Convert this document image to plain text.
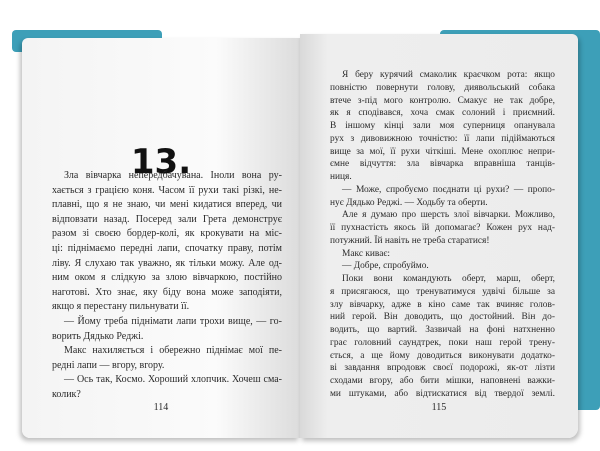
13.
Зла вівчарка непередбачувана. Іноли вона ру-
хається з грацією коня. Часом її рухи такі різкі, не-
плавні, що я не знаю, чи мені кидатися вперед, чи
відповзати назад. Посеред зали Грета демонструє
разом зі своєю бордер-колі, як крокувати на міс-
ці: піднімаємо передні лапи, спочатку праву, потім
ліву. Я слухаю так уважно, як тільки можу. Але од-
ним оком я слідкую за злою вівчаркою, постійно
наготові. Хто знає, яку біду вона може заподіяти,
якщо я перестану пильнувати її.
— Йому треба піднімати лапи трохи вище, — го-
ворить Дядько Реджі.
Макс нахиляється і обережно піднімає мої пе-
редні лапи — вгору, вгору.
— Ось так, Космо. Хороший хлопчик. Хочеш сма-
колик?
114
Я беру курячий смаколик краєчком рота: якщо
повністю повернути голову, диявольський собака
втече з-під мого контролю. Смакує не так добре,
як я сподівався, хоча смак солоний і приємний.
В іншому кінці зали моя суперниця опанувала
рух з дивовижною точністю: її лапи підіймаються
вище за мої, її рухи чіткіші. Мене охоплює непри-
ємне відчуття: зла вівчарка вправніша танців-
ниця.
— Може, спробуємо поєднати ці рухи? — пропо-
нує Дядько Реджі. — Ходьбу та оберти.
Але я думаю про шерсть злої вівчарки. Можливо,
її пухнастість якось їй допомагає? Кожен рух над-
потужний. Їй навіть не треба старатися!
Макс киває:
— Добре, спробуймо.
Поки вони командують оберт, марш, оберт,
я присягаюся, що тренуватимуся удвічі більше за
злу вівчарку, адже в кіно саме так вчиняє голов-
ний герой. Він доводить, що достойний. Він до-
водить, що вартий. Зазвичай на фоні натхненно
грає головний саундтрек, поки наш герой трену-
ється, а ще йому доводиться виконувати додатко-
ві завдання впродовж своєї подорожі, як-от лізти
сходами вгору, або бити мішки, наповнені важки-
ми штуками, або відтискатися від твердої землі.
115
